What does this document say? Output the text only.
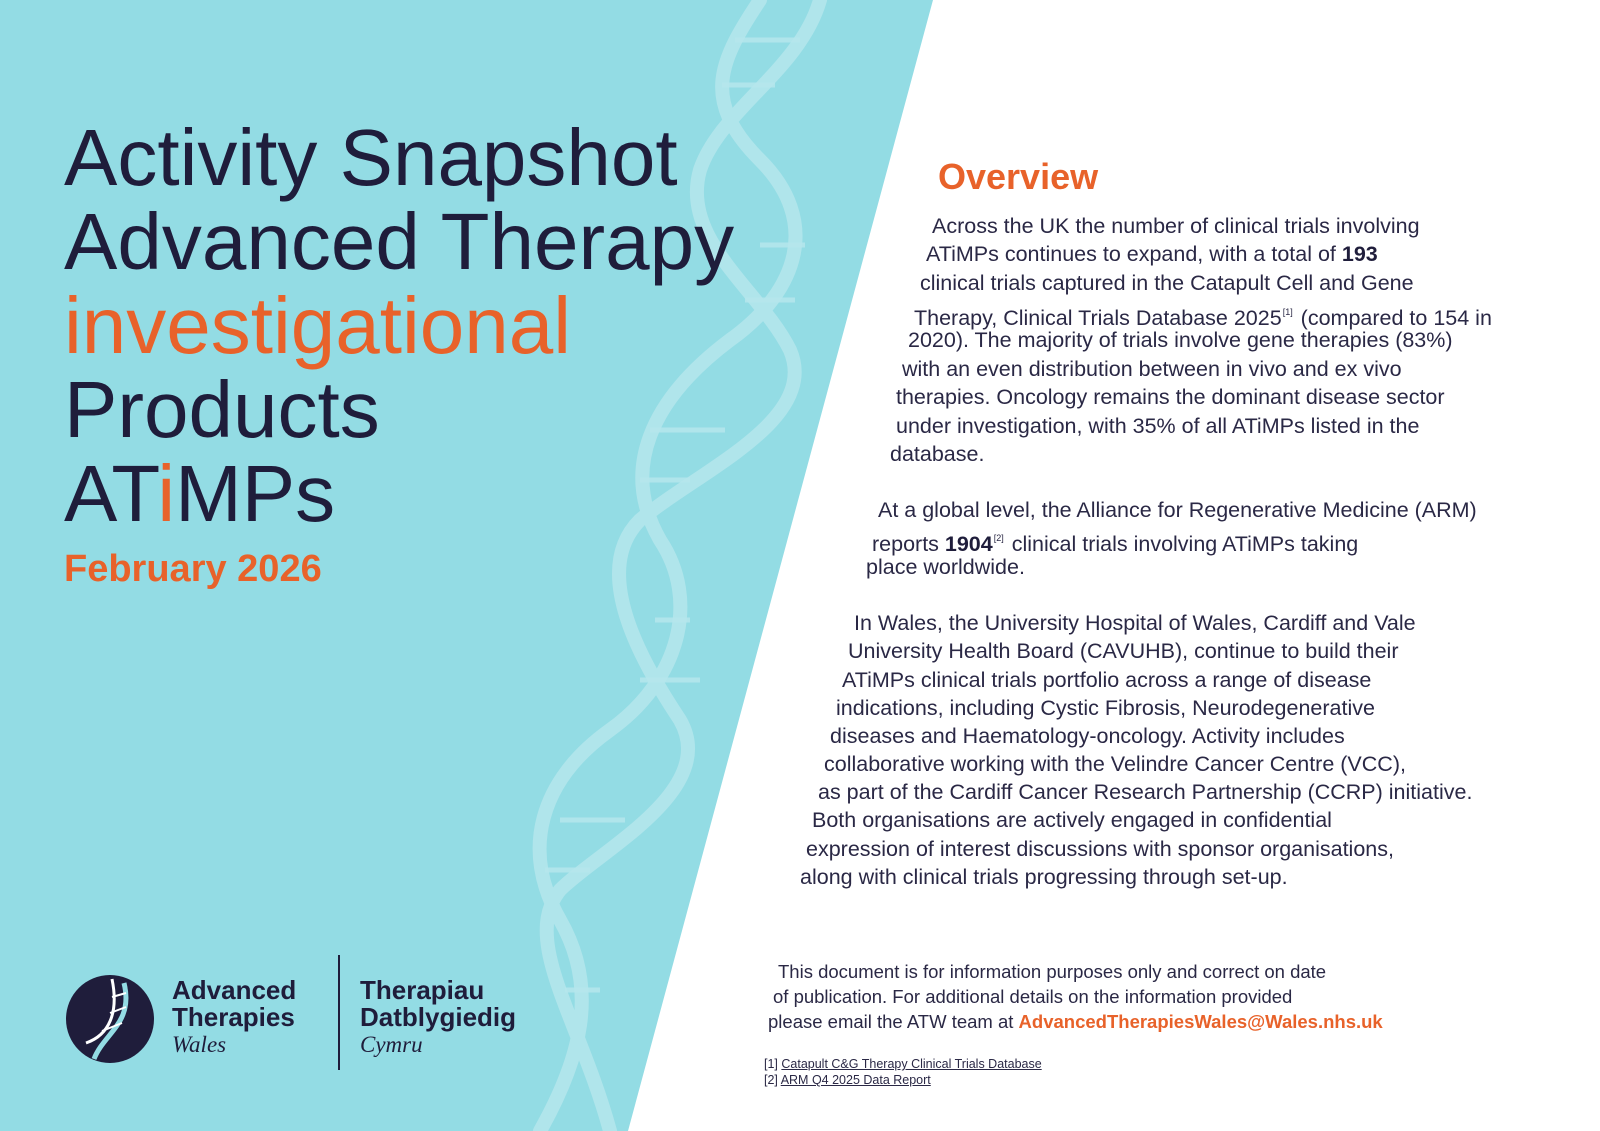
Activity Snapshot
Advanced Therapy
investigational
Products
ATiMPs
February 2026
Advanced
Therapies
Wales
Therapiau
Datblygiedig
Cymru
Overview
Across the UK the number of clinical trials involving
ATiMPs continues to expand, with a total of 193
clinical trials captured in the Catapult Cell and Gene
Therapy, Clinical Trials Database 2025[1] (compared to 154 in
2020). The majority of trials involve gene therapies (83%)
with an even distribution between in vivo and ex vivo
therapies. Oncology remains the dominant disease sector
under investigation, with 35% of all ATiMPs listed in the
database.
At a global level, the Alliance for Regenerative Medicine (ARM)
reports 1904[2] clinical trials involving ATiMPs taking
place worldwide.
In Wales, the University Hospital of Wales, Cardiff and Vale
University Health Board (CAVUHB), continue to build their
ATiMPs clinical trials portfolio across a range of disease
indications, including Cystic Fibrosis, Neurodegenerative
diseases and Haematology-oncology. Activity includes
collaborative working with the Velindre Cancer Centre (VCC),
as part of the Cardiff Cancer Research Partnership (CCRP) initiative.
Both organisations are actively engaged in confidential
expression of interest discussions with sponsor organisations,
along with clinical trials progressing through set-up.
This document is for information purposes only and correct on date
of publication. For additional details on the information provided
please email the ATW team at AdvancedTherapiesWales@Wales.nhs.uk
[1] Catapult C&G Therapy Clinical Trials Database
[2] ARM Q4 2025 Data Report
